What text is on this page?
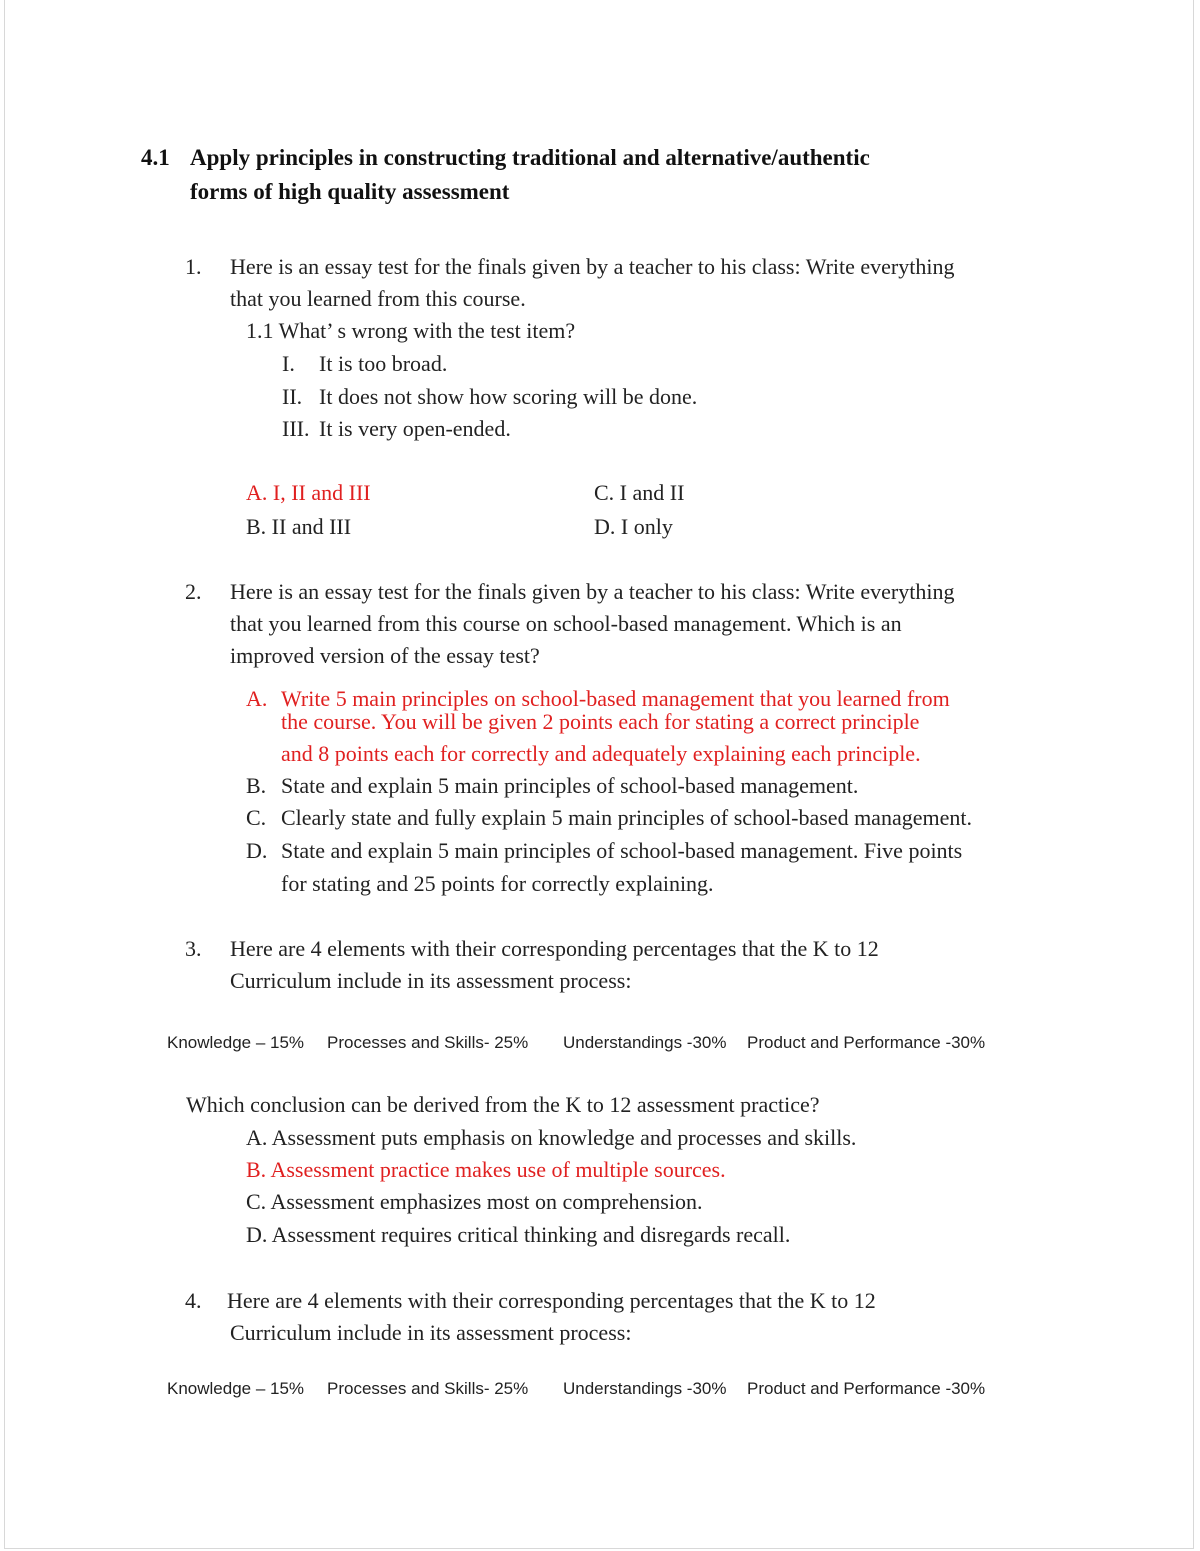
4.1 Apply principles in constructing traditional and alternative/authentic
forms of high quality assessment
1. Here is an essay test for the finals given by a teacher to his class: Write everything
that you learned from this course.
1.1 What’ s wrong with the test item?
I. It is too broad.
II. It does not show how scoring will be done.
III. It is very open-ended.
A. I, II and III	C. I and II
B. II and III	D. I only
2. Here is an essay test for the finals given by a teacher to his class: Write everything
that you learned from this course on school-based management. Which is an
improved version of the essay test?
A. Write 5 main principles on school-based management that you learned from
the course. You will be given 2 points each for stating a correct principle
and 8 points each for correctly and adequately explaining each principle.
B. State and explain 5 main principles of school-based management.
C. Clearly state and fully explain 5 main principles of school-based management.
D. State and explain 5 main principles of school-based management. Five points
for stating and 25 points for correctly explaining.
3. Here are 4 elements with their corresponding percentages that the K to 12
Curriculum include in its assessment process:
Knowledge – 15% Processes and Skills- 25% Understandings -30% Product and Performance -30%
Which conclusion can be derived from the K to 12 assessment practice?
A. Assessment puts emphasis on knowledge and processes and skills.
B. Assessment practice makes use of multiple sources.
C. Assessment emphasizes most on comprehension.
D. Assessment requires critical thinking and disregards recall.
4. Here are 4 elements with their corresponding percentages that the K to 12
Curriculum include in its assessment process:
Knowledge – 15% Processes and Skills- 25% Understandings -30% Product and Performance -30%
